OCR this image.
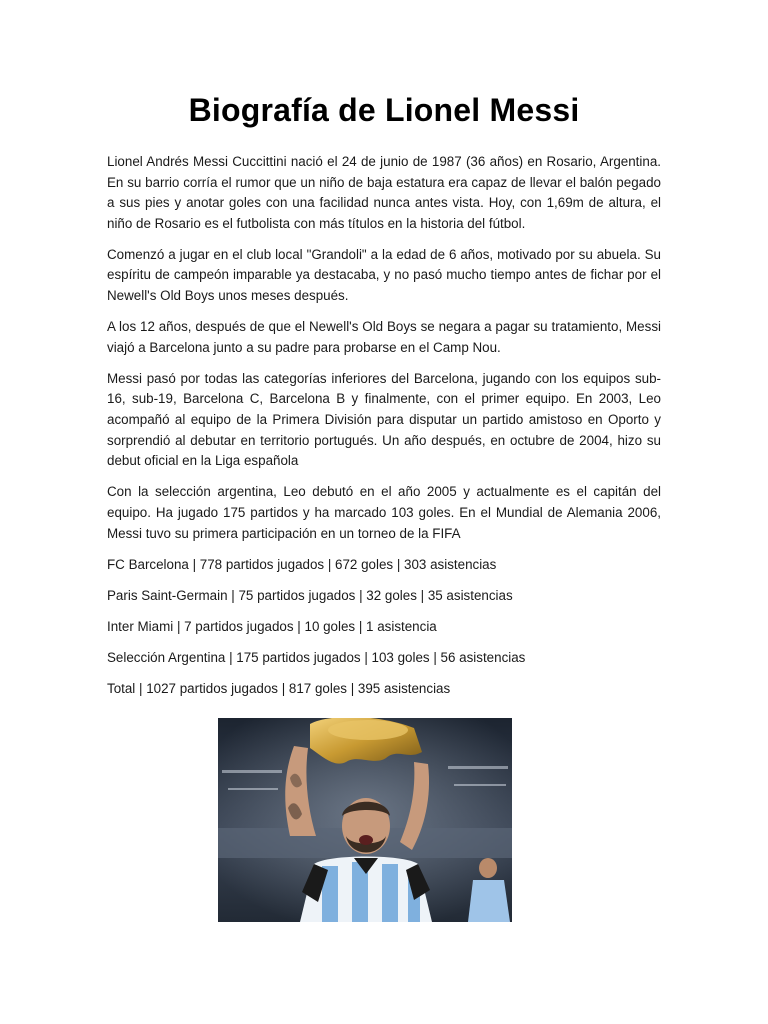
Biografía de Lionel Messi

Lionel Andrés Messi Cuccittini nació el 24 de junio de 1987 (36 años) en Rosario, Argentina. En su barrio corría el rumor que un niño de baja estatura era capaz de llevar el balón pegado a sus pies y anotar goles con una facilidad nunca antes vista. Hoy, con 1,69m de altura, el niño de Rosario es el futbolista con más títulos en la historia del fútbol.

Comenzó a jugar en el club local "Grandoli" a la edad de 6 años, motivado por su abuela. Su espíritu de campeón imparable ya destacaba, y no pasó mucho tiempo antes de fichar por el Newell's Old Boys unos meses después.

A los 12 años, después de que el Newell's Old Boys se negara a pagar su tratamiento, Messi viajó a Barcelona junto a su padre para probarse en el Camp Nou.

Messi pasó por todas las categorías inferiores del Barcelona, jugando con los equipos sub-16, sub-19, Barcelona C, Barcelona B y finalmente, con el primer equipo. En 2003, Leo acompañó al equipo de la Primera División para disputar un partido amistoso en Oporto y sorprendió al debutar en territorio portugués. Un año después, en octubre de 2004, hizo su debut oficial en la Liga española

Con la selección argentina, Leo debutó en el año 2005 y actualmente es el capitán del equipo. Ha jugado 175 partidos y ha marcado 103 goles. En el Mundial de Alemania 2006, Messi tuvo su primera participación en un torneo de la FIFA

FC Barcelona | 778 partidos jugados | 672 goles | 303 asistencias

Paris Saint-Germain | 75 partidos jugados | 32 goles | 35 asistencias

Inter Miami | 7 partidos jugados | 10 goles | 1 asistencia

Selección Argentina | 175 partidos jugados | 103 goles | 56 asistencias

Total | 1027 partidos jugados | 817 goles | 395 asistencias
